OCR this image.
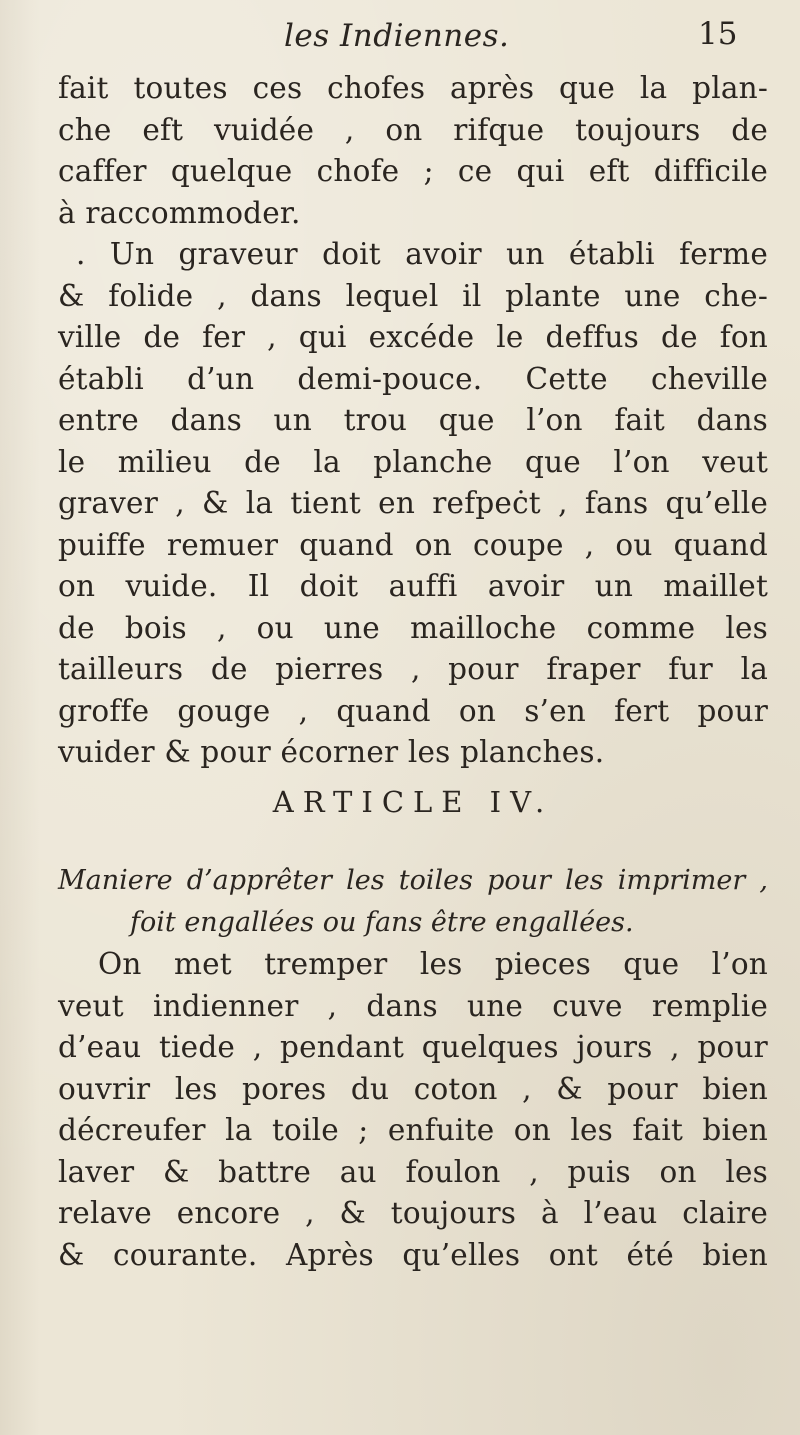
les Indiennes.	15
fait toutes ces chofes après que la plan-
che eft vuidée , on rifque toujours de
caffer quelque chofe ; ce qui eft difficile
à raccommoder.
. Un graveur doit avoir un établi ferme
& folide , dans lequel il plante une che-
ville de fer , qui excéde le deffus de fon
établi d’un demi-pouce. Cette cheville
entre dans un trou que l’on fait dans
le milieu de la planche que l’on veut
graver , & la tient en refpeċt , fans qu’elle
puiffe remuer quand on coupe , ou quand
on vuide. Il doit auffi avoir un maillet
de bois , ou une mailloche comme les
tailleurs de pierres , pour fraper fur la
groffe gouge , quand on s’en fert pour
vuider & pour écorner les planches.
ARTICLE IV.
Maniere d’apprêter les toiles pour les imprimer ,
foit engallées ou fans être engallées.
On met tremper les pieces que l’on
veut indienner , dans une cuve remplie
d’eau tiede , pendant quelques jours , pour
ouvrir les pores du coton , & pour bien
décreufer la toile ; enfuite on les fait bien
laver & battre au foulon , puis on les
relave encore , & toujours à l’eau claire
& courante. Après qu’elles ont été bien
